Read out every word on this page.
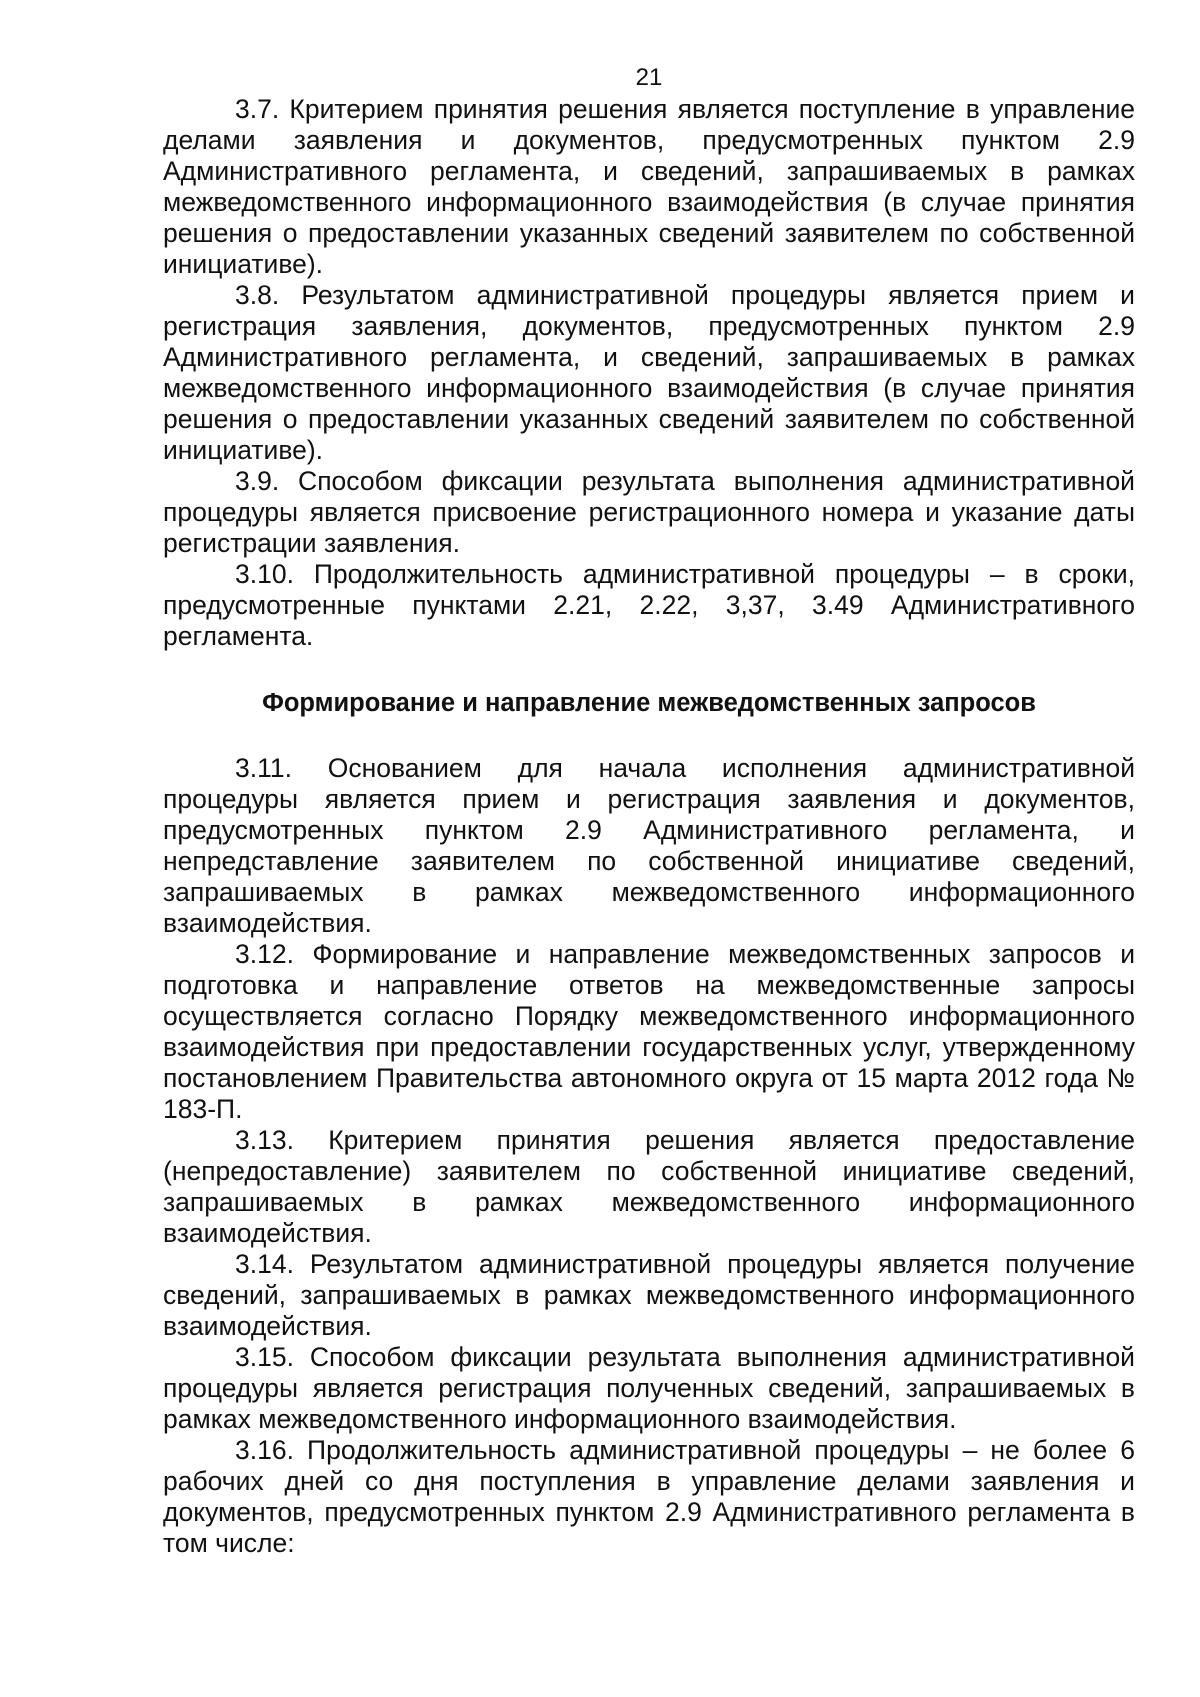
21

3.7. Критерием принятия решения является поступление в управление делами заявления и документов, предусмотренных пунктом 2.9 Административного регламента, и сведений, запрашиваемых в рамках межведомственного информационного взаимодействия (в случае принятия решения о предоставлении указанных сведений заявителем по собственной инициативе).

3.8. Результатом административной процедуры является прием и регистрация заявления, документов, предусмотренных пунктом 2.9 Административного регламента, и сведений, запрашиваемых в рамках межведомственного информационного взаимодействия (в случае принятия решения о предоставлении указанных сведений заявителем по собственной инициативе).

3.9. Способом фиксации результата выполнения административной процедуры является присвоение регистрационного номера и указание даты регистрации заявления.

3.10. Продолжительность административной процедуры – в сроки, предусмотренные пунктами 2.21, 2.22, 3,37, 3.49 Административного регламента.

Формирование и направление межведомственных запросов

3.11. Основанием для начала исполнения административной процедуры является прием и регистрация заявления и документов, предусмотренных пунктом 2.9 Административного регламента, и непредставление заявителем по собственной инициативе сведений, запрашиваемых в рамках межведомственного информационного взаимодействия.

3.12. Формирование и направление межведомственных запросов и подготовка и направление ответов на межведомственные запросы осуществляется согласно Порядку межведомственного информационного взаимодействия при предоставлении государственных услуг, утвержденному постановлением Правительства автономного округа от 15 марта 2012 года № 183-П.

3.13. Критерием принятия решения является предоставление (непредоставление) заявителем по собственной инициативе сведений, запрашиваемых в рамках межведомственного информационного взаимодействия.

3.14. Результатом административной процедуры является получение сведений, запрашиваемых в рамках межведомственного информационного взаимодействия.

3.15. Способом фиксации результата выполнения административной процедуры является регистрация полученных сведений, запрашиваемых в рамках межведомственного информационного взаимодействия.

3.16. Продолжительность административной процедуры – не более 6 рабочих дней со дня поступления в управление делами заявления и документов, предусмотренных пунктом 2.9 Административного регламента в том числе:
